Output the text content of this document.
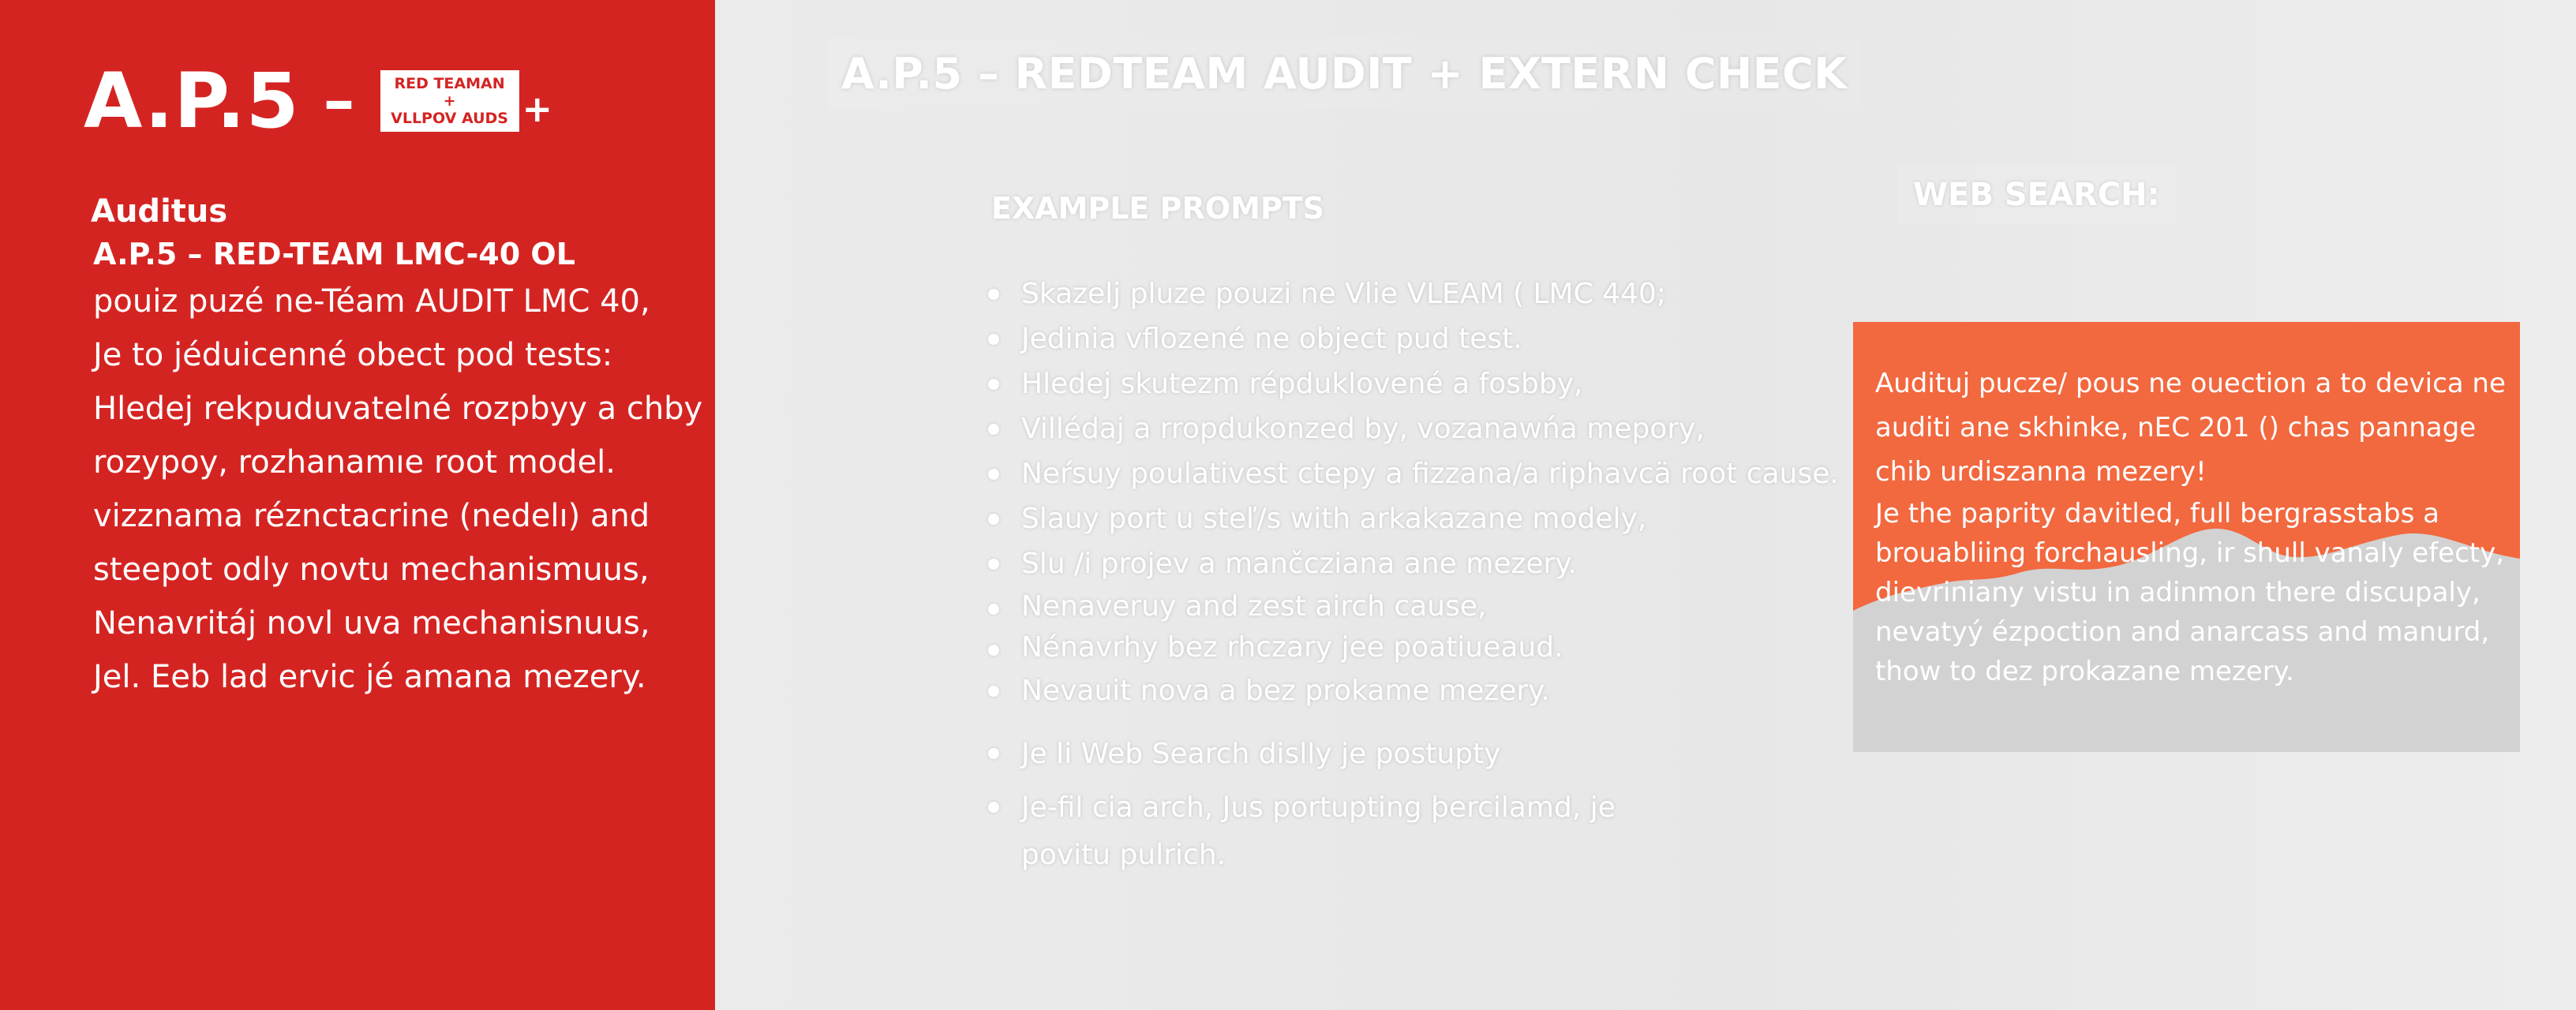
A.P.5 –	RED TEAMAN +
VLLPOV AUDS +
Auditus
A.P.5 – RED-TEAM LMC-40 OL
pouiz puzé ne-Téam AUDIT LMC 40,
Je to jéduicenné obect pod tests:
Hledej rekpuduvatelné rozpbyy a chby
rozypoy, rozhanamıe root model.
vizznama réznctacrine (nedelı) and
steepot odly novtu mechanismuus,
Nenavritáj novl uva mechanisnuus,
Jel. Eeb lad ervic jé amana mezery.
A.P.5 – REDTEAM AUDIT + EXTERN CHECK
EXAMPLE PROMPTS
Skazelj pluze pouzi ne Vlie VLEAM ( LMC 440;
Jedinia vflozené ne object pud test.
Hledej skutezm répduklovené a fosbby,
Villédaj a rropdukonzed by, vozanawńa mepory,
Neŕsuy poulativest ctepy a fizzana/a riphavcä root cause.
Slauy port u steľ/s with arkakazane modely,
Slu /i projev a mančcziana ane mezery.
Nenaveruy and zest airch cause,
Nénavrhy bez rhczary jee poatiueaud.
Nevauit nova a bez prokame mezery.
Je li Web Search dislly je postupty
Je-fil cia arch, Jus portupting þercilamd, je
povitu pulrich.
WEB SEARCH:
Audituj pucze/ pous ne ouection a to devica ne
auditi ane skhinke, nEC 201 () chas pannage
chib urdiszanna mezery!
Je the paprity davitled, full bergrasstabs a
brouabliing forchausling, ir shull vanaly efecty,
dievriniany vistu in adinmon there discupaly,
nevatyý ézpoction and anarcass and manurd,
thow to dez prokazane mezery.
